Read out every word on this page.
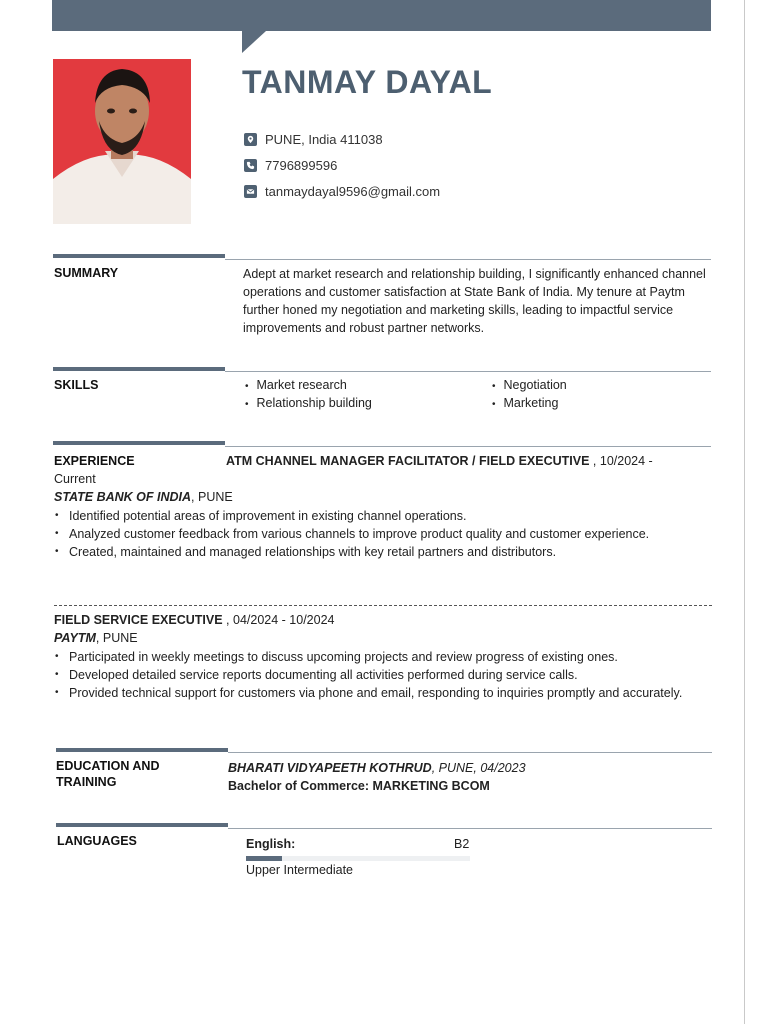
TANMAY DAYAL
PUNE, India 411038
7796899596
tanmaydayal9596@gmail.com
SUMMARY	Adept at market research and relationship building, I significantly enhanced channel operations and customer satisfaction at State Bank of India. My tenure at Paytm further honed my negotiation and marketing skills, leading to impactful service improvements and robust partner networks.
SKILLS
•	Market research
• Relationship building
• Negotiation
• Marketing
EXPERIENCE	ATM CHANNEL MANAGER FACILITATOR / FIELD EXECUTIVE , 10/2024 -
Current
STATE BANK OF INDIA, PUNE
• Identified potential areas of improvement in existing channel operations.
• Analyzed customer feedback from various channels to improve product quality and customer experience.
• Created, maintained and managed relationships with key retail partners and distributors.
FIELD SERVICE EXECUTIVE , 04/2024 - 10/2024
PAYTM, PUNE
• Participated in weekly meetings to discuss upcoming projects and review progress of existing ones.
• Developed detailed service reports documenting all activities performed during service calls.
• Provided technical support for customers via phone and email, responding to inquiries promptly and accurately.
EDUCATION AND
TRAINING
BHARATI VIDYAPEETH KOTHRUD, PUNE, 04/2023
Bachelor of Commerce: MARKETING BCOM
LANGUAGES	English:	B2
Upper Intermediate
